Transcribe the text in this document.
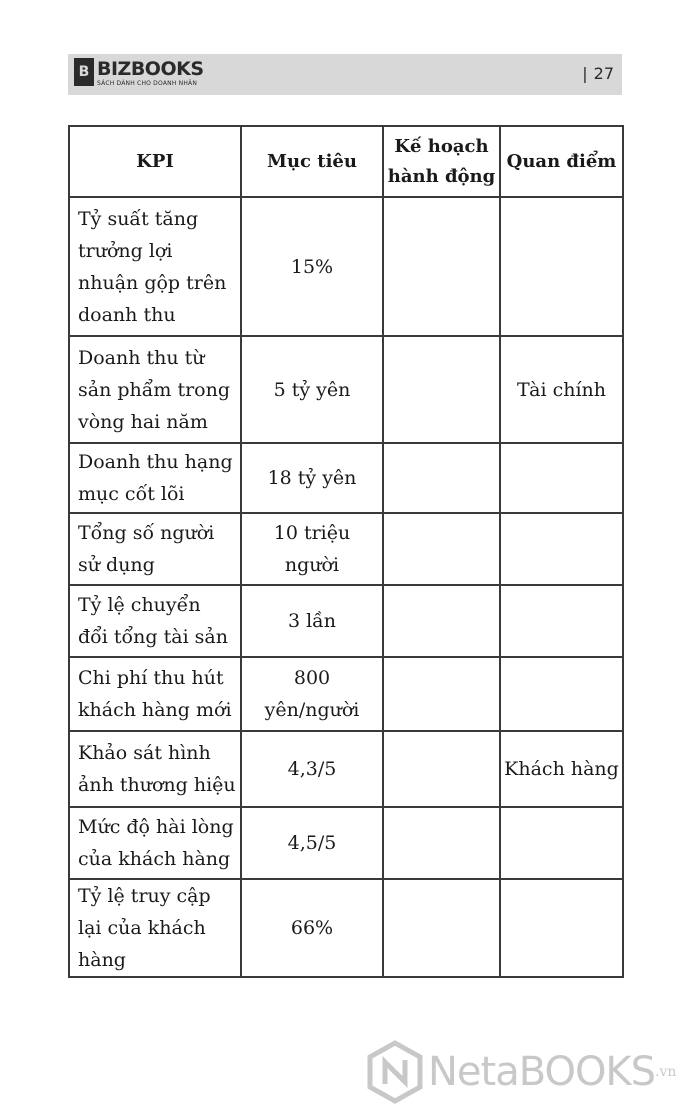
B BIZBOOKS
SÁCH DÀNH CHO DOANH NHÂN
| 27
KPI	Mục tiêu	Kế hoạch hành động	Quan điểm
Tỷ suất tăng trưởng lợi nhuận gộp trên doanh thu	15%		
Doanh thu từ sản phẩm trong vòng hai năm	5 tỷ yên		Tài chính
Doanh thu hạng mục cốt lõi	18 tỷ yên		
Tổng số người sử dụng	10 triệu người		
Tỷ lệ chuyển đổi tổng tài sản	3 lần		
Chi phí thu hút khách hàng mới	800 yên/người		
Khảo sát hình ảnh thương hiệu	4,3/5		Khách hàng
Mức độ hài lòng của khách hàng	4,5/5		
Tỷ lệ truy cập lại của khách hàng	66%		
NetaBOOKS .vn
